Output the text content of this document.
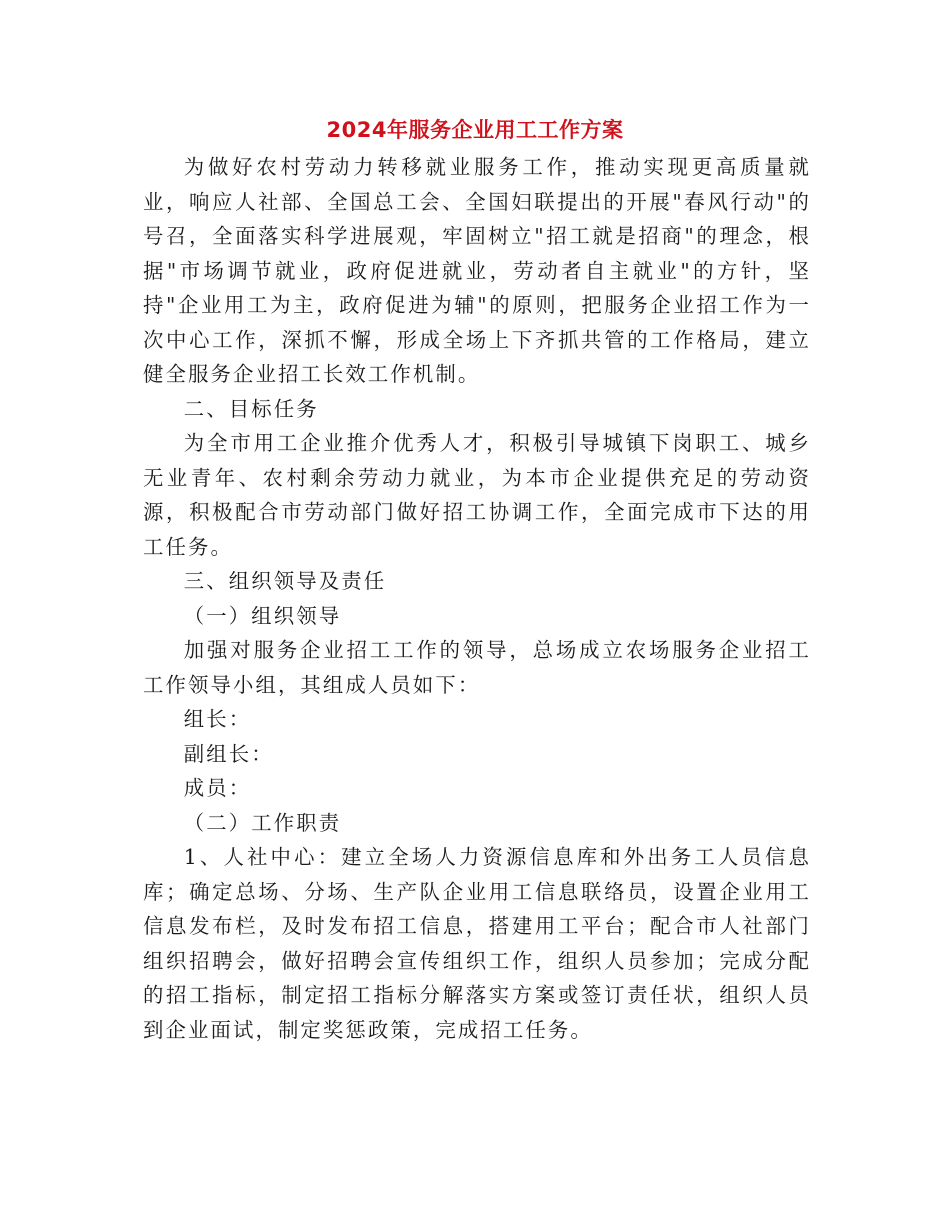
2024年服务企业用工工作方案

为做好农村劳动力转移就业服务工作，推动实现更高质量就业，响应人社部、全国总工会、全国妇联提出的开展"春风行动"的号召，全面落实科学进展观，牢固树立"招工就是招商"的理念，根据"市场调节就业，政府促进就业，劳动者自主就业"的方针，坚持"企业用工为主，政府促进为辅"的原则，把服务企业招工作为一次中心工作，深抓不懈，形成全场上下齐抓共管的工作格局，建立健全服务企业招工长效工作机制。

二、目标任务

为全市用工企业推介优秀人才，积极引导城镇下岗职工、城乡无业青年、农村剩余劳动力就业，为本市企业提供充足的劳动资源，积极配合市劳动部门做好招工协调工作，全面完成市下达的用工任务。

三、组织领导及责任

（一）组织领导

加强对服务企业招工工作的领导，总场成立农场服务企业招工工作领导小组，其组成人员如下：

组长：

副组长：

成员：

（二）工作职责

1、人社中心：建立全场人力资源信息库和外出务工人员信息库；确定总场、分场、生产队企业用工信息联络员，设置企业用工信息发布栏，及时发布招工信息，搭建用工平台；配合市人社部门组织招聘会，做好招聘会宣传组织工作，组织人员参加；完成分配的招工指标，制定招工指标分解落实方案或签订责任状，组织人员到企业面试，制定奖惩政策，完成招工任务。
